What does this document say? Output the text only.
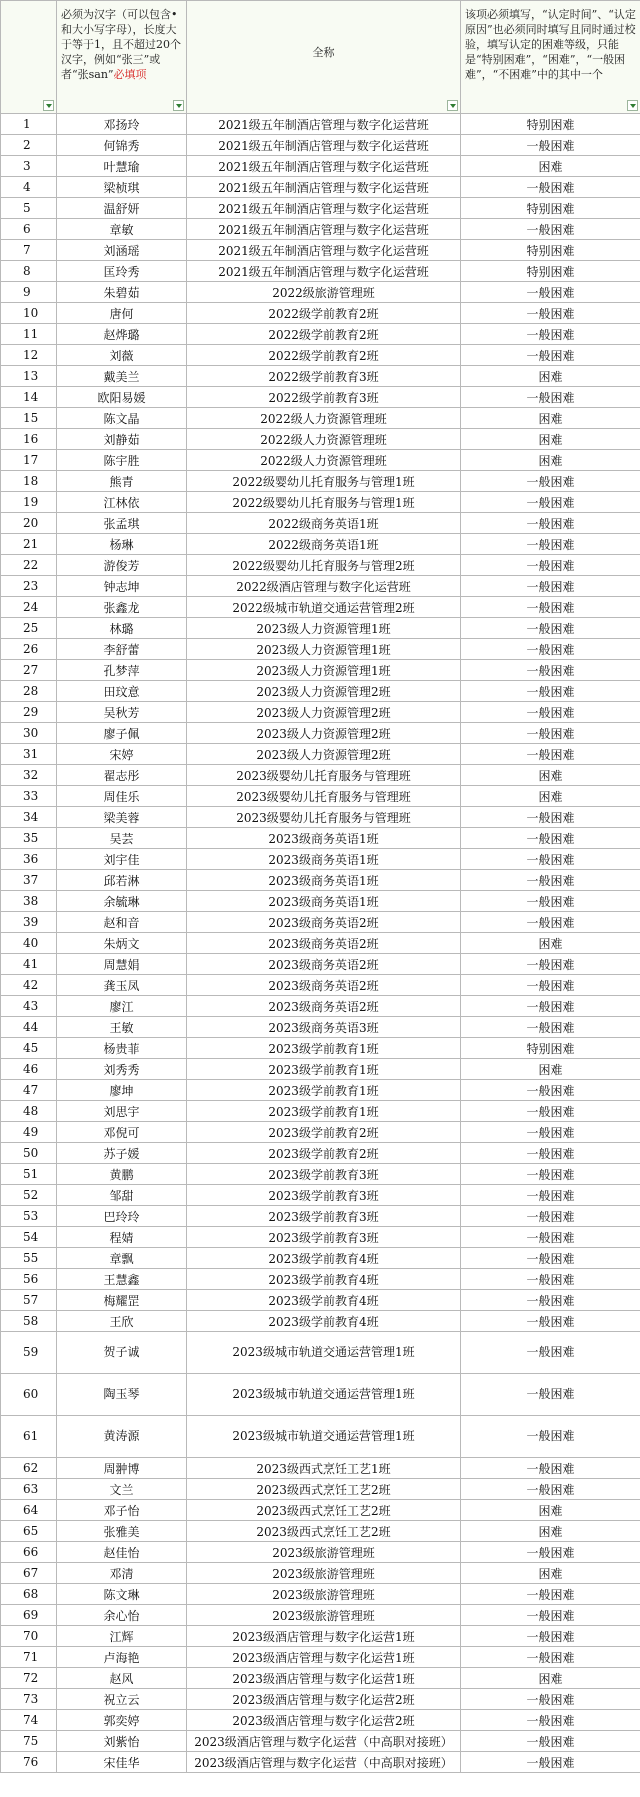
	必须为汉字（可以包含•和大小写字母），长度大于等于1，且不超过20个汉字，例如“张三”或者“张san”必填项	全称	该项必须填写，“认定时间”、“认定原因”也必须同时填写且同时通过校验，填写认定的困难等级，只能是“特别困难”，“困难”，“一般困难”，“不困难”中的其中一个

1	邓扬玲	2021级五年制酒店管理与数字化运营班	特别困难
2	何锦秀	2021级五年制酒店管理与数字化运营班	一般困难
3	叶慧瑜	2021级五年制酒店管理与数字化运营班	困难
4	梁桢琪	2021级五年制酒店管理与数字化运营班	一般困难
5	温舒妍	2021级五年制酒店管理与数字化运营班	特别困难
6	章敏	2021级五年制酒店管理与数字化运营班	一般困难
7	刘涵瑶	2021级五年制酒店管理与数字化运营班	特别困难
8	匡玲秀	2021级五年制酒店管理与数字化运营班	特别困难
9	朱碧茹	2022级旅游管理班	一般困难
10	唐何	2022级学前教育2班	一般困难
11	赵烨璐	2022级学前教育2班	一般困难
12	刘薇	2022级学前教育2班	一般困难
13	戴美兰	2022级学前教育3班	困难
14	欧阳易媛	2022级学前教育3班	一般困难
15	陈文晶	2022级人力资源管理班	困难
16	刘静茹	2022级人力资源管理班	困难
17	陈宇胜	2022级人力资源管理班	困难
18	熊青	2022级婴幼儿托育服务与管理1班	一般困难
19	江林依	2022级婴幼儿托育服务与管理1班	一般困难
20	张孟琪	2022级商务英语1班	一般困难
21	杨琳	2022级商务英语1班	一般困难
22	游俊芳	2022级婴幼儿托育服务与管理2班	一般困难
23	钟志坤	2022级酒店管理与数字化运营班	一般困难
24	张鑫龙	2022级城市轨道交通运营管理2班	一般困难
25	林璐	2023级人力资源管理1班	一般困难
26	李舒蕾	2023级人力资源管理1班	一般困难
27	孔梦萍	2023级人力资源管理1班	一般困难
28	田玟意	2023级人力资源管理2班	一般困难
29	吴秋芳	2023级人力资源管理2班	一般困难
30	廖子佩	2023级人力资源管理2班	一般困难
31	宋婷	2023级人力资源管理2班	一般困难
32	翟志彤	2023级婴幼儿托育服务与管理班	困难
33	周佳乐	2023级婴幼儿托育服务与管理班	困难
34	梁美蓉	2023级婴幼儿托育服务与管理班	一般困难
35	吴芸	2023级商务英语1班	一般困难
36	刘宇佳	2023级商务英语1班	一般困难
37	邱若淋	2023级商务英语1班	一般困难
38	余毓琳	2023级商务英语1班	一般困难
39	赵和音	2023级商务英语2班	一般困难
40	朱炳文	2023级商务英语2班	困难
41	周慧娟	2023级商务英语2班	一般困难
42	龚玉凤	2023级商务英语2班	一般困难
43	廖江	2023级商务英语2班	一般困难
44	王敏	2023级商务英语3班	一般困难
45	杨贵菲	2023级学前教育1班	特别困难
46	刘秀秀	2023级学前教育1班	困难
47	廖坤	2023级学前教育1班	一般困难
48	刘思宇	2023级学前教育1班	一般困难
49	邓倪可	2023级学前教育2班	一般困难
50	苏子媛	2023级学前教育2班	一般困难
51	黄鹏	2023级学前教育3班	一般困难
52	邹甜	2023级学前教育3班	一般困难
53	巴玲玲	2023级学前教育3班	一般困难
54	程婧	2023级学前教育3班	一般困难
55	章飘	2023级学前教育4班	一般困难
56	王慧鑫	2023级学前教育4班	一般困难
57	梅耀罡	2023级学前教育4班	一般困难
58	王欣	2023级学前教育4班	一般困难
59	贺子诚	2023级城市轨道交通运营管理1班	一般困难
60	陶玉琴	2023级城市轨道交通运营管理1班	一般困难
61	黄涛源	2023级城市轨道交通运营管理1班	一般困难
62	周翀博	2023级西式烹饪工艺1班	一般困难
63	文兰	2023级西式烹饪工艺2班	一般困难
64	邓子怡	2023级西式烹饪工艺2班	困难
65	张雅美	2023级西式烹饪工艺2班	困难
66	赵佳怡	2023级旅游管理班	一般困难
67	邓清	2023级旅游管理班	困难
68	陈文琳	2023级旅游管理班	一般困难
69	余心怡	2023级旅游管理班	一般困难
70	江辉	2023级酒店管理与数字化运营1班	一般困难
71	卢海艳	2023级酒店管理与数字化运营1班	一般困难
72	赵风	2023级酒店管理与数字化运营1班	困难
73	祝立云	2023级酒店管理与数字化运营2班	一般困难
74	郭奕婷	2023级酒店管理与数字化运营2班	一般困难
75	刘紫怡	2023级酒店管理与数字化运营（中高职对接班）	一般困难
76	宋佳华	2023级酒店管理与数字化运营（中高职对接班）	一般困难
